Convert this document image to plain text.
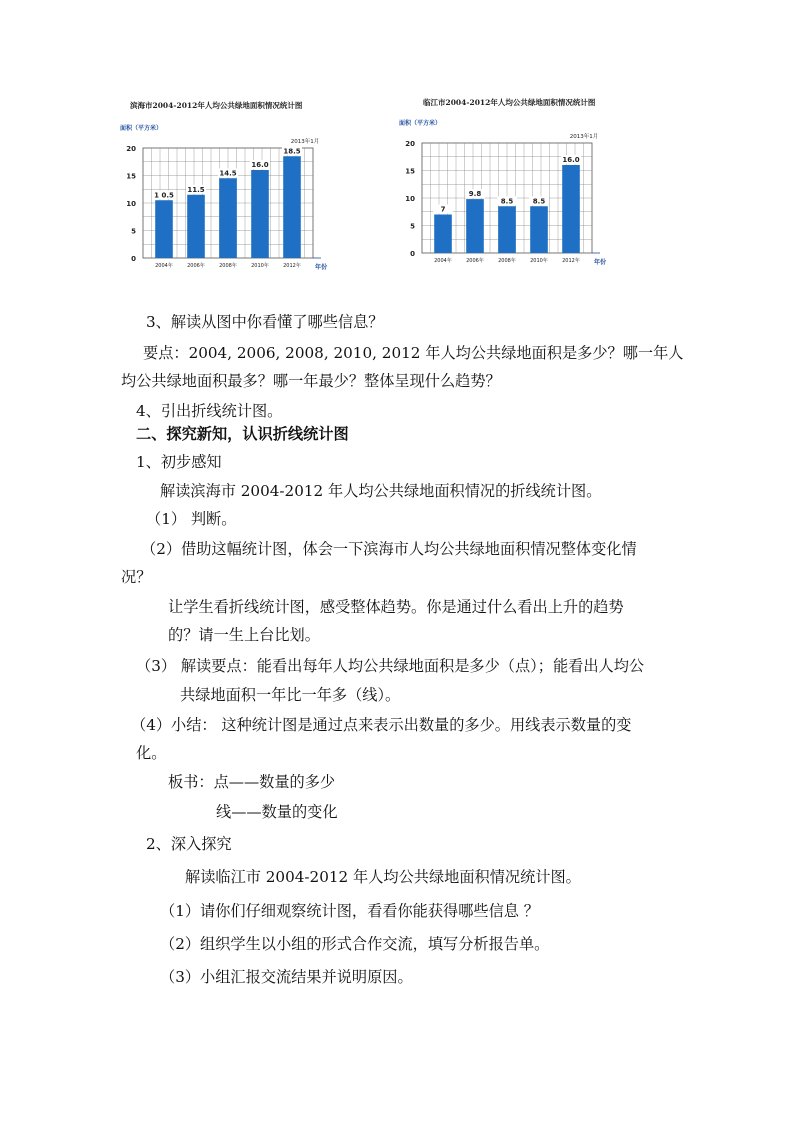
滨海市2004-2012年人均公共绿地面积情况统计图
0
5
10
15
20
面积（平方米）
2013年1月
年份
1 0.5
2004年
11.5
2006年
14.5
2008年
16.0
2010年
18.5
2012年
临江市2004-2012年人均公共绿地面积情况统计图
0
5
10
15
20
面积（平方米）
2013年1月
年份
7
2004年
9.8
2006年
8.5
2008年
8.5
2010年
16.0
2012年
3、解读从图中你看懂了哪些信息？
要点：2004, 2006, 2008, 2010, 2012 年人均公共绿地面积是多少？哪一年人
均公共绿地面积最多？哪一年最少？整体呈现什么趋势？
4、引出折线统计图。
二、探究新知，认识折线统计图
1、初步感知
解读滨海市 2004-2012 年人均公共绿地面积情况的折线统计图。
（1） 判断。
（2）借助这幅统计图，体会一下滨海市人均公共绿地面积情况整体变化情
况？
让学生看折线统计图，感受整体趋势。你是通过什么看出上升的趋势
的？请一生上台比划。
（3） 解读要点：能看出每年人均公共绿地面积是多少（点）；能看出人均公
共绿地面积一年比一年多（线）。
（4）小结： 这种统计图是通过点来表示出数量的多少。用线表示数量的变
化。
板书：点——数量的多少
线——数量的变化
2、深入探究
解读临江市 2004-2012 年人均公共绿地面积情况统计图。
（1）请你们仔细观察统计图，看看你能获得哪些信息 ？
（2）组织学生以小组的形式合作交流，填写分析报告单。
（3）小组汇报交流结果并说明原因。
